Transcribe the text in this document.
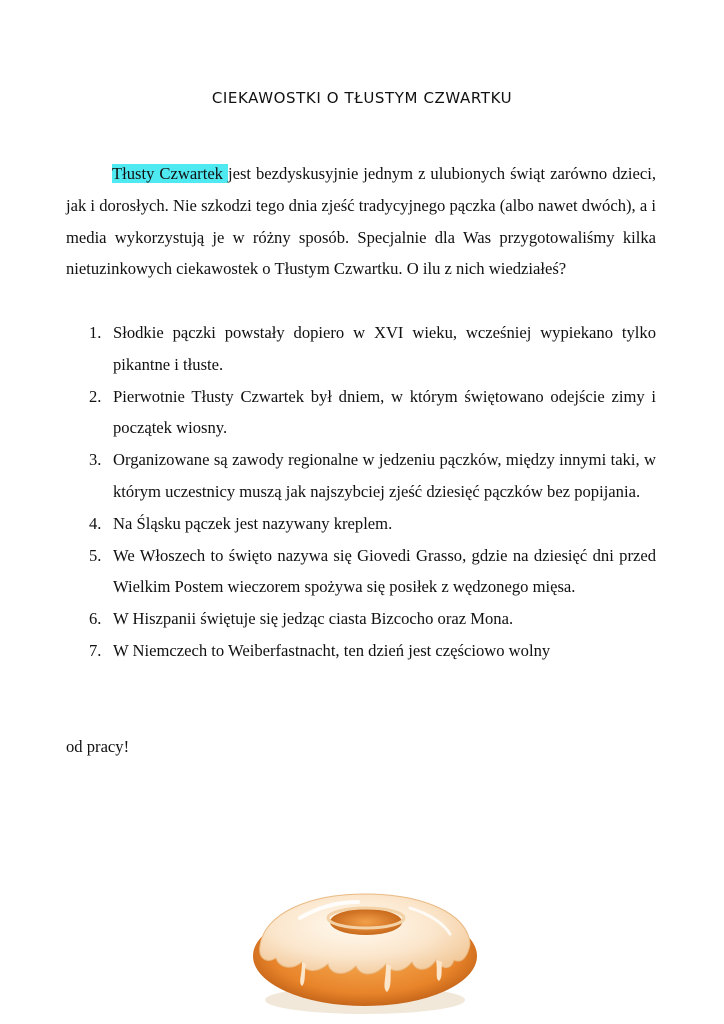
CIEKAWOSTKI O TŁUSTYM CZWARTKU

Tłusty Czwartek jest bezdyskusyjnie jednym z ulubionych świąt zarówno dzieci, jak i dorosłych. Nie szkodzi tego dnia zjeść tradycyjnego pączka (albo nawet dwóch), a i media wykorzystują je w różny sposób. Specjalnie dla Was przygotowaliśmy kilka nietuzinkowych ciekawostek o Tłustym Czwartku. O ilu z nich wiedziałeś?

1. Słodkie pączki powstały dopiero w XVI wieku, wcześniej wypiekano tylko pikantne i tłuste.
2. Pierwotnie Tłusty Czwartek był dniem, w którym świętowano odejście zimy i początek wiosny.
3. Organizowane są zawody regionalne w jedzeniu pączków, między innymi taki, w którym uczestnicy muszą jak najszybciej zjeść dziesięć pączków bez popijania.
4. Na Śląsku pączek jest nazywany kreplem.
5. We Włoszech to święto nazywa się Giovedi Grasso, gdzie na dziesięć dni przed Wielkim Postem wieczorem spożywa się posiłek z wędzonego mięsa.
6. W Hiszpanii świętuje się jedząc ciasta Bizcocho oraz Mona.
7. W Niemczech to Weiberfastnacht, ten dzień jest częściowo wolny
od pracy!
